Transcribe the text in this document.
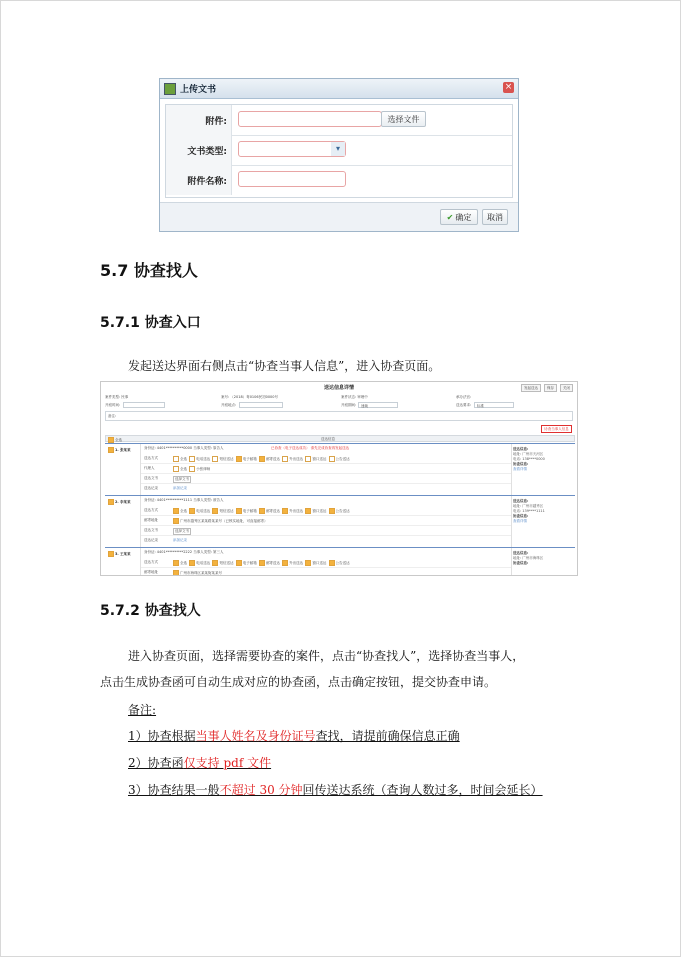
上传文书	×
附件:	选择文件
文书类型:	▾
附件名称:
✔ 确定	取消
5.7 协查找人
5.7.1 协查入口
发起送达界面右侧点击“协查当事人信息”，进入协查页面。
送达信息详情	发起送达	保存	关闭
案件类型: 民事	案号: （2018）粤0106民初0000号	案件状态: 审理中	承办法官:
开庭时间:	开庭地点:	开庭期间: 速裁	送达要求: 标准
备注:
协查当事人信息
全选	送达信息
1. 张某某	身份证: 4401**********0000 当事人类型: 原告人	已协查（电子送达成功） 请先完成协查再发起送达
送达方式	全选	电话送达	短信送达	电子邮箱	邮寄送达	外出送达	窗口送达	公告送达
代理人	全选	小张律师
送达文书	选择文书
送达记录	添加记录
送达信息:
地址: 广州市天河区
电话: 138****0000
协查信息:
查看详情
2. 李某某	身份证: 4401**********1111 当事人类型: 被告人
送达方式	全选	电话送达	短信送达	电子邮箱	邮寄送达	外出送达	窗口送达	公告送达
邮寄地址	广州市越秀区某某路某某号（已核实地址，可直接邮寄）
送达文书	选择文书
送达记录	添加记录
送达信息:
地址: 广州市越秀区
电话: 139****1111
协查信息:
查看详情
3. 王某某	身份证: 4401**********2222 当事人类型: 第三人
送达方式	全选	电话送达	短信送达	电子邮箱	邮寄送达	外出送达	窗口送达	公告送达
邮寄地址	广州市海珠区某某街某某号
送达信息:
地址: 广州市海珠区
协查信息:
5.7.2 协查找人
进入协查页面，选择需要协查的案件，点击“协查找人”，选择协查当事人，
点击生成协查函可自动生成对应的协查函，点击确定按钮，提交协查申请。
备注:
1）协查根据当事人姓名及身份证号查找，请提前确保信息正确
2）协查函仅支持 pdf 文件
3）协查结果一般不超过 30 分钟回传送达系统（查询人数过多，时间会延长）
